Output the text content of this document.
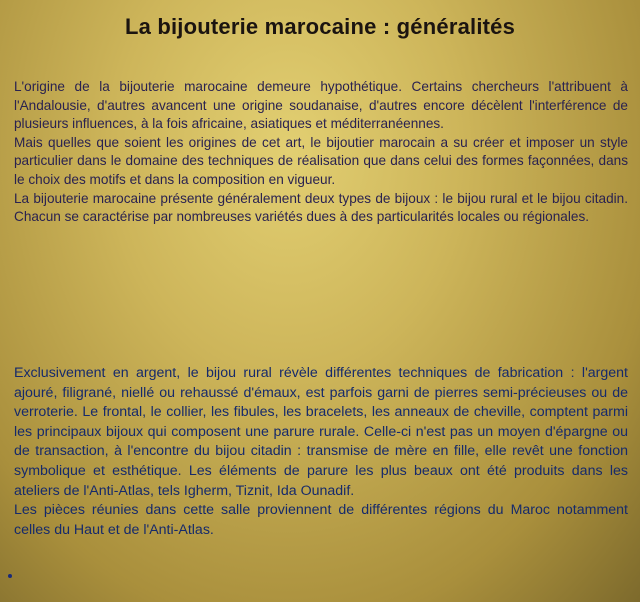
La bijouterie marocaine : généralités

L'origine de la bijouterie marocaine demeure hypothétique. Certains chercheurs l'attribuent à l'Andalousie, d'autres avancent une origine soudanaise, d'autres encore décèlent l'interférence de plusieurs influences, à la fois africaine, asiatiques et méditerranéennes.

Mais quelles que soient les origines de cet art, le bijoutier marocain a su créer et imposer un style particulier dans le domaine des techniques de réalisation que dans celui des formes façonnées, dans le choix des motifs et dans la composition en vigueur.

La bijouterie marocaine présente généralement deux types de bijoux : le bijou rural et le bijou citadin. Chacun se caractérise par nombreuses variétés dues à des particularités locales ou régionales.

Exclusivement en argent, le bijou rural révèle différentes techniques de fabrication : l'argent ajouré, filigrané, niellé ou rehaussé d'émaux, est parfois garni de pierres semi-précieuses ou de verroterie. Le frontal, le collier, les fibules, les bracelets, les anneaux de cheville, comptent parmi les principaux bijoux qui composent une parure rurale. Celle-ci n'est pas un moyen d'épargne ou de transaction, à l'encontre du bijou citadin : transmise de mère en fille, elle revêt une fonction symbolique et esthétique. Les éléments de parure les plus beaux ont été produits dans les ateliers de l'Anti-Atlas, tels Igherm, Tiznit, Ida Ounadif.

Les pièces réunies dans cette salle proviennent de différentes régions du Maroc notamment celles du Haut et de l'Anti-Atlas.
